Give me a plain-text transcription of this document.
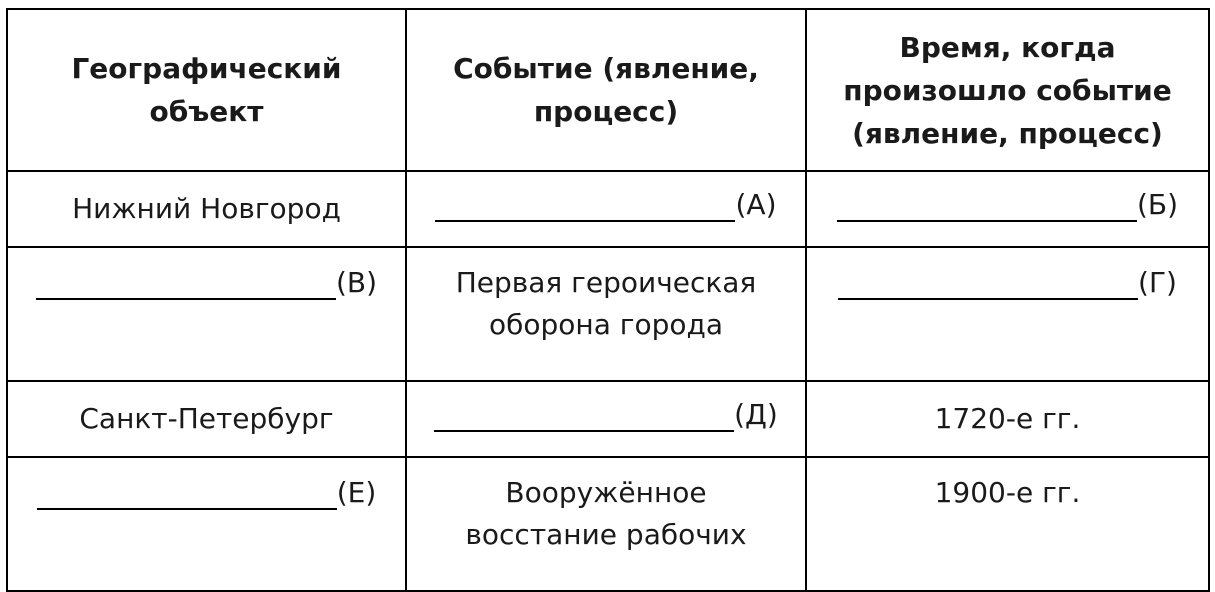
Географический объект	Событие (явление, процесс)	Время, когда произошло событие (явление, процесс)
Нижний Новгород	(А)	(Б)

(В)	Первая героическая оборона города	(Г)

Санкт-Петербург	(Д)	1720-е гг.

(Е)	Вооружённое восстание рабочих	1900-е гг.
